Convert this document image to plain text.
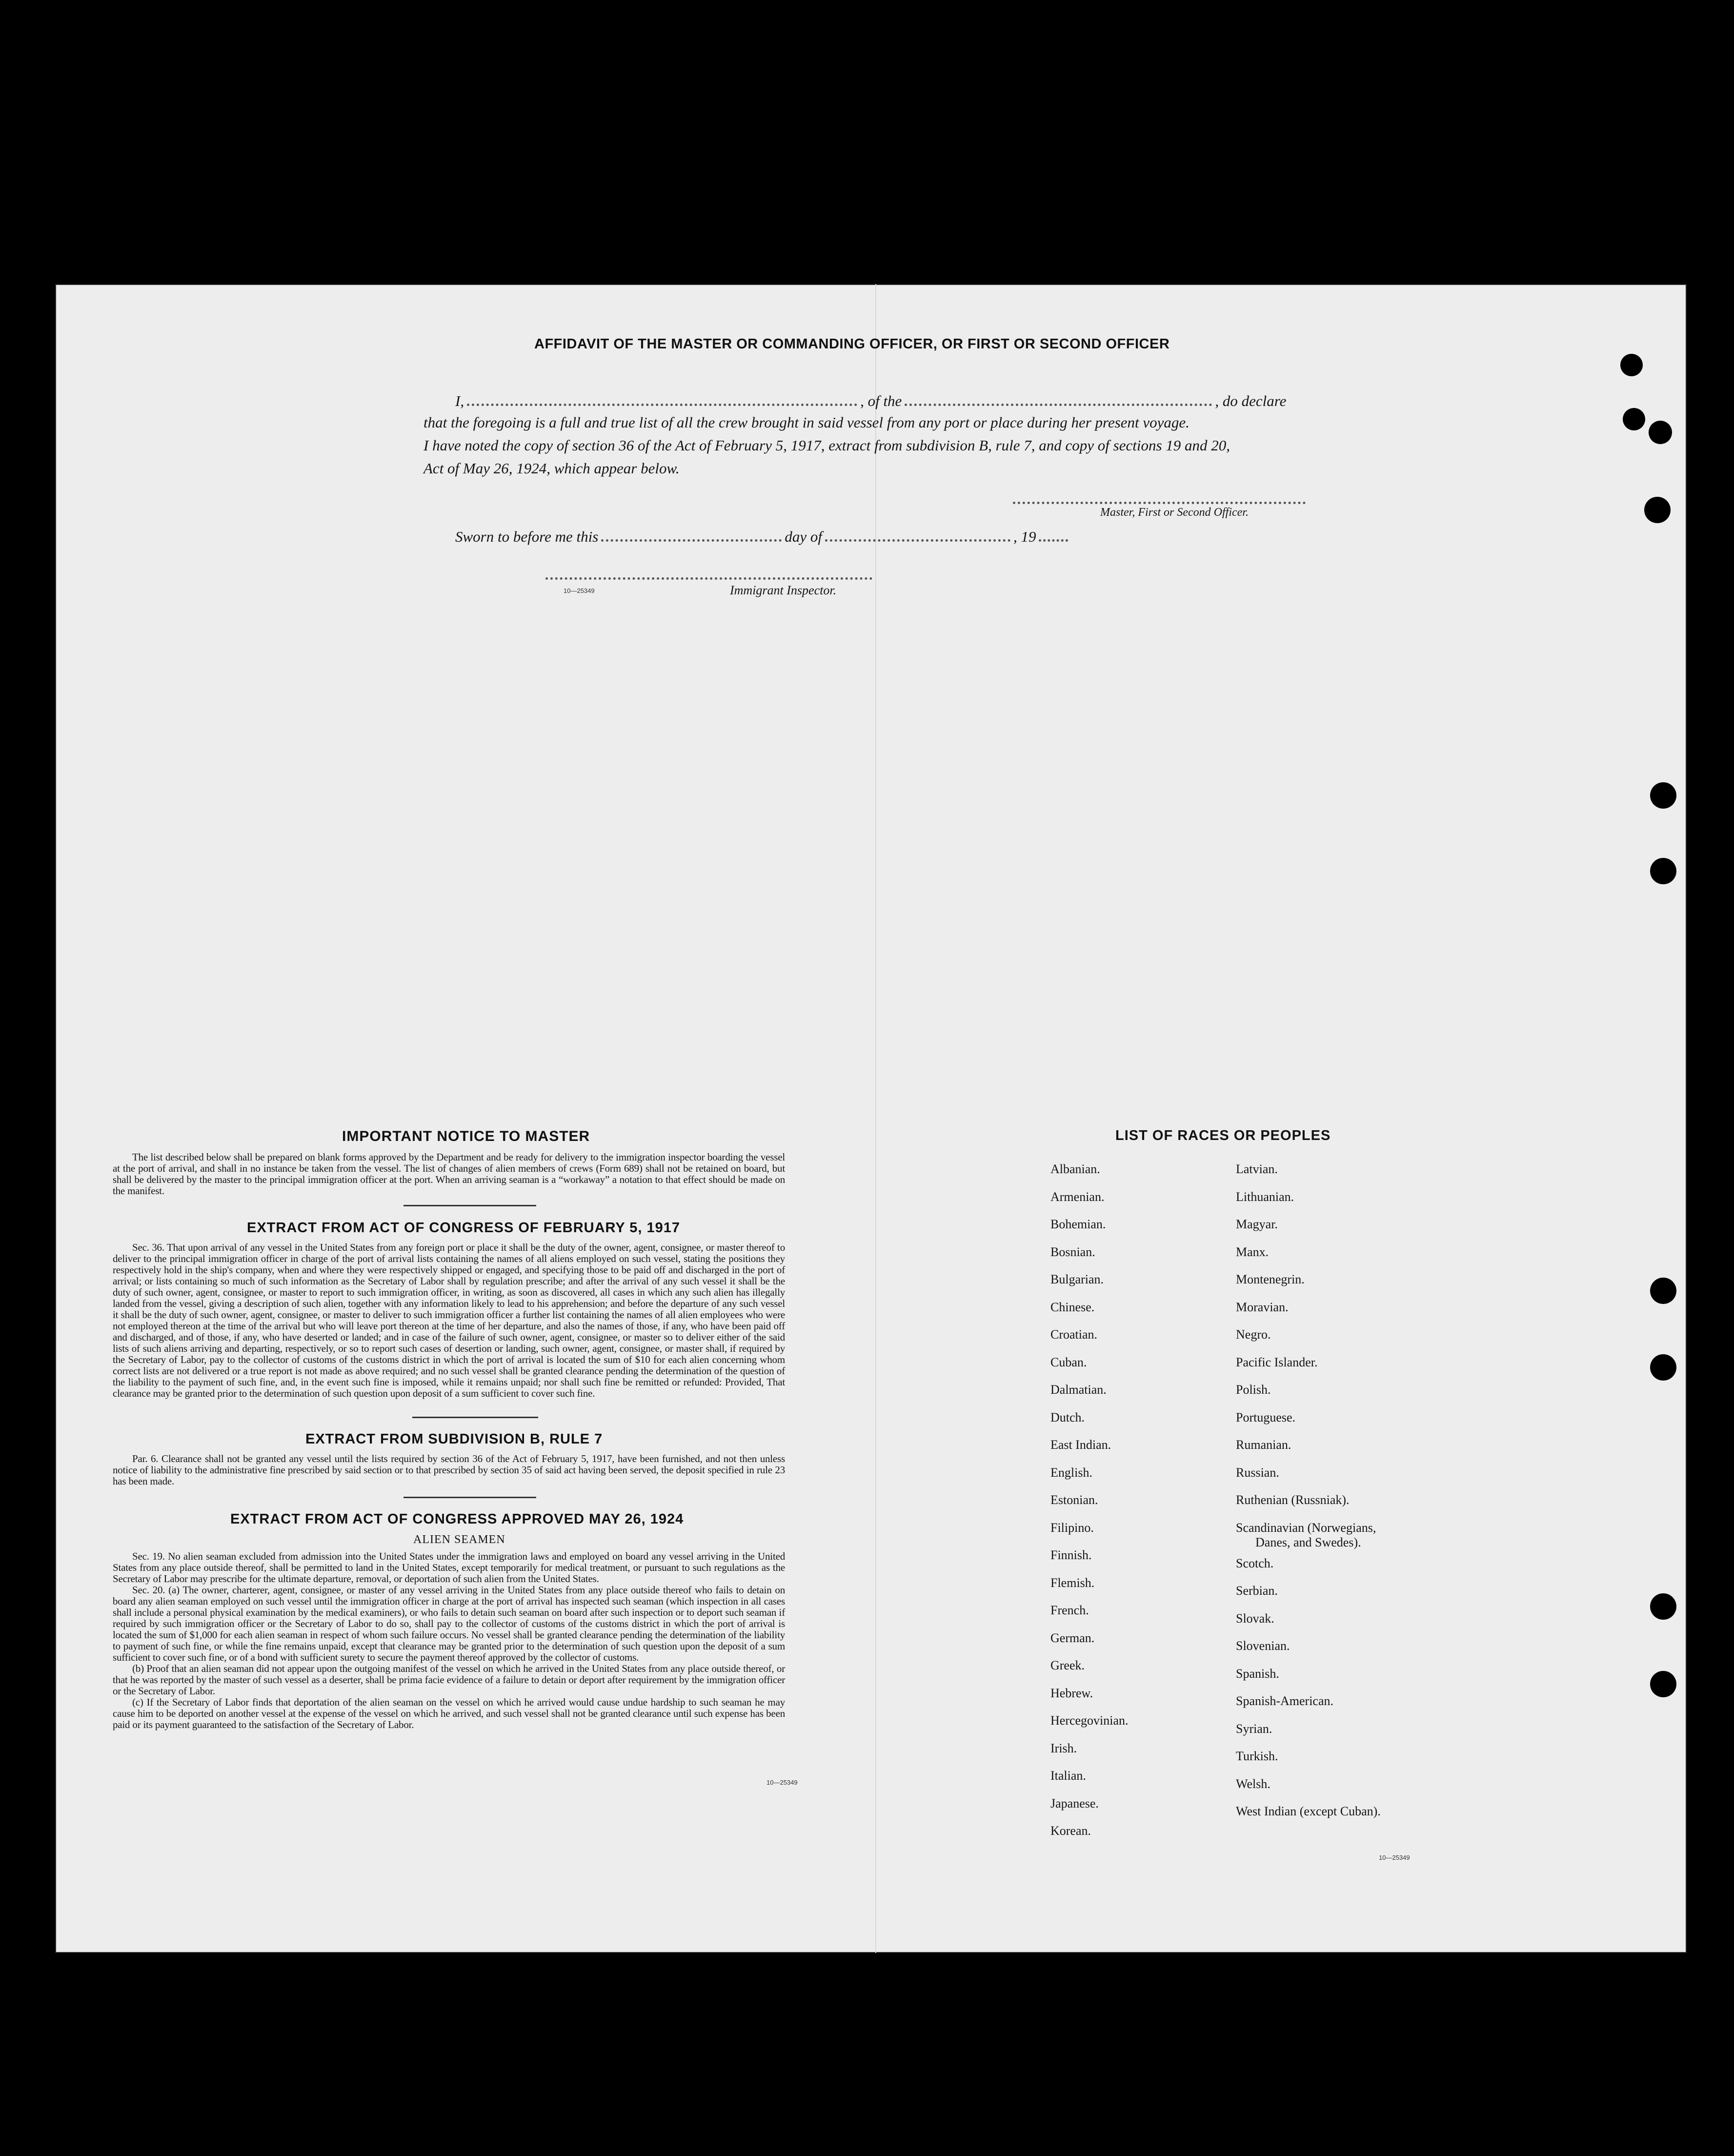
AFFIDAVIT OF THE MASTER OR COMMANDING OFFICER, OR FIRST OR SECOND OFFICER
I,	, of the	, do declare
that the foregoing is a full and true list of all the crew brought in said vessel from any port or place during her present voyage.
I have noted the copy of section 36 of the Act of February 5, 1917, extract from subdivision B, rule 7, and copy of sections 19 and 20,
Act of May 26, 1924, which appear below.
Master, First or Second Officer.
Sworn to before me this	day of	, 19
10—25349	Immigrant Inspector.
IMPORTANT NOTICE TO MASTER

The list described below shall be prepared on blank forms approved by the Department and be ready for delivery to the immigration inspector boarding the vessel at the port of arrival, and shall in no instance be taken from the vessel. The list of changes of alien members of crews (Form 689) shall not be retained on board, but shall be delivered by the master to the principal immigration officer at the port. When an arriving seaman is a “workaway” a notation to that effect should be made on the manifest.

EXTRACT FROM ACT OF CONGRESS OF FEBRUARY 5, 1917

Sec. 36. That upon arrival of any vessel in the United States from any foreign port or place it shall be the duty of the owner, agent, consignee, or master thereof to deliver to the principal immigration officer in charge of the port of arrival lists containing the names of all aliens employed on such vessel, stating the positions they respectively hold in the ship's company, when and where they were respectively shipped or engaged, and specifying those to be paid off and discharged in the port of arrival; or lists containing so much of such information as the Secretary of Labor shall by regulation prescribe; and after the arrival of any such vessel it shall be the duty of such owner, agent, consignee, or master to report to such immigration officer, in writing, as soon as discovered, all cases in which any such alien has illegally landed from the vessel, giving a description of such alien, together with any information likely to lead to his apprehension; and before the departure of any such vessel it shall be the duty of such owner, agent, consignee, or master to deliver to such immigration officer a further list containing the names of all alien employees who were not employed thereon at the time of the arrival but who will leave port thereon at the time of her departure, and also the names of those, if any, who have been paid off and discharged, and of those, if any, who have deserted or landed; and in case of the failure of such owner, agent, consignee, or master so to deliver either of the said lists of such aliens arriving and departing, respectively, or so to report such cases of desertion or landing, such owner, agent, consignee, or master shall, if required by the Secretary of Labor, pay to the collector of customs of the customs district in which the port of arrival is located the sum of $10 for each alien concerning whom correct lists are not delivered or a true report is not made as above required; and no such vessel shall be granted clearance pending the determination of the question of the liability to the payment of such fine, and, in the event such fine is imposed, while it remains unpaid; nor shall such fine be remitted or refunded: Provided, That clearance may be granted prior to the determination of such question upon deposit of a sum sufficient to cover such fine.

EXTRACT FROM SUBDIVISION B, RULE 7

Par. 6. Clearance shall not be granted any vessel until the lists required by section 36 of the Act of February 5, 1917, have been furnished, and not then unless notice of liability to the administrative fine prescribed by said section or to that prescribed by section 35 of said act having been served, the deposit specified in rule 23 has been made.

EXTRACT FROM ACT OF CONGRESS APPROVED MAY 26, 1924
ALIEN SEAMEN

Sec. 19. No alien seaman excluded from admission into the United States under the immigration laws and employed on board any vessel arriving in the United States from any place outside thereof, shall be permitted to land in the United States, except temporarily for medical treatment, or pursuant to such regulations as the Secretary of Labor may prescribe for the ultimate departure, removal, or deportation of such alien from the United States.

Sec. 20. (a) The owner, charterer, agent, consignee, or master of any vessel arriving in the United States from any place outside thereof who fails to detain on board any alien seaman employed on such vessel until the immigration officer in charge at the port of arrival has inspected such seaman (which inspection in all cases shall include a personal physical examination by the medical examiners), or who fails to detain such seaman on board after such inspection or to deport such seaman if required by such immigration officer or the Secretary of Labor to do so, shall pay to the collector of customs of the customs district in which the port of arrival is located the sum of $1,000 for each alien seaman in respect of whom such failure occurs. No vessel shall be granted clearance pending the determination of the liability to payment of such fine, or while the fine remains unpaid, except that clearance may be granted prior to the determination of such question upon the deposit of a sum sufficient to cover such fine, or of a bond with sufficient surety to secure the payment thereof approved by the collector of customs.

(b) Proof that an alien seaman did not appear upon the outgoing manifest of the vessel on which he arrived in the United States from any place outside thereof, or that he was reported by the master of such vessel as a deserter, shall be prima facie evidence of a failure to detain or deport after requirement by the immigration officer or the Secretary of Labor.

(c) If the Secretary of Labor finds that deportation of the alien seaman on the vessel on which he arrived would cause undue hardship to such seaman he may cause him to be deported on another vessel at the expense of the vessel on which he arrived, and such vessel shall not be granted clearance until such expense has been paid or its payment guaranteed to the satisfaction of the Secretary of Labor.

10—25349
LIST OF RACES OR PEOPLES
Albanian.
Armenian.
Bohemian.
Bosnian.
Bulgarian.
Chinese.
Croatian.
Cuban.
Dalmatian.
Dutch.
East Indian.
English.
Estonian.
Filipino.
Finnish.
Flemish.
French.
German.
Greek.
Hebrew.
Hercegovinian.
Irish.
Italian.
Japanese.
Korean.
Latvian.
Lithuanian.
Magyar.
Manx.
Montenegrin.
Moravian.
Negro.
Pacific Islander.
Polish.
Portuguese.
Rumanian.
Russian.
Ruthenian (Russniak).
Scandinavian (Norwegians,
Danes, and Swedes).
Scotch.
Serbian.
Slovak.
Slovenian.
Spanish.
Spanish-American.
Syrian.
Turkish.
Welsh.
West Indian (except Cuban).
10—25349
